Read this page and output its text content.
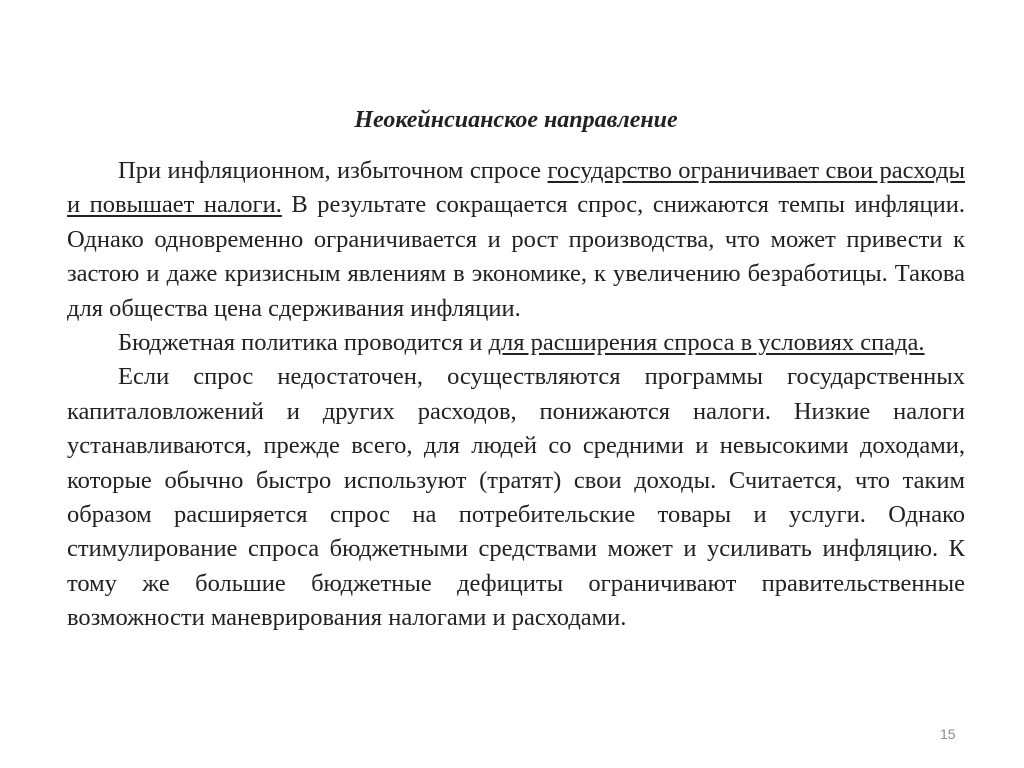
Неокейнсианское направление

При инфляционном, избыточном спросе государство ограничивает свои расходы и повышает налоги. В результате сокращается спрос, снижаются темпы инфляции. Однако одновременно ограничивается и рост производства, что может привести к застою и даже кризисным явлениям в экономике, к увеличению безработицы. Такова для общества цена сдерживания инфляции.

Бюджетная политика проводится и для расширения спроса в условиях спада.

Если спрос недостаточен, осуществляются программы государственных капиталовложений и других расходов, понижаются налоги. Низкие налоги устанавливаются, прежде всего, для людей со средними и невысокими доходами, которые обычно быстро используют (тратят) свои доходы. Считается, что таким образом расширяется спрос на потребительские товары и услуги. Однако стимулирование спроса бюджетными средствами может и усиливать инфляцию. К тому же большие бюджетные дефициты ограничивают правительственные возможности маневрирования налогами и расходами.

15
